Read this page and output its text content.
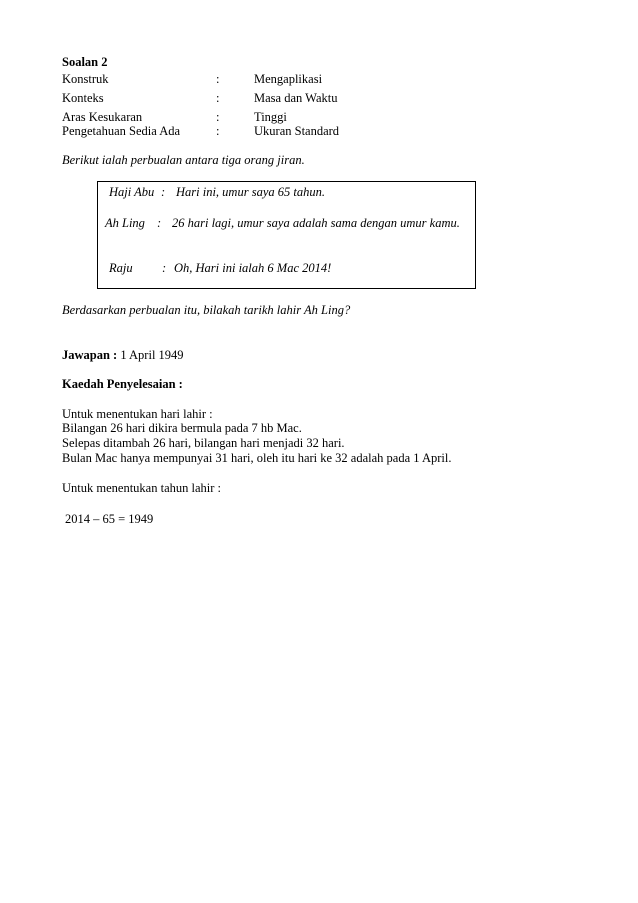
Soalan 2
Konstruk	:	Mengaplikasi
Konteks	:	Masa dan Waktu
Aras Kesukaran	:	Tinggi
Pengetahuan Sedia Ada	:	Ukuran Standard
Berikut ialah perbualan antara tiga orang jiran.
Haji Abu : Hari ini, umur saya 65 tahun.
Ah Ling : 26 hari lagi, umur saya adalah sama dengan umur kamu.
Raju : Oh, Hari ini ialah 6 Mac 2014!
Berdasarkan perbualan itu, bilakah tarikh lahir Ah Ling?
Jawapan : 1 April 1949
Kaedah Penyelesaian :
Untuk menentukan hari lahir :
Bilangan 26 hari dikira bermula pada 7 hb Mac.
Selepas ditambah 26 hari, bilangan hari menjadi 32 hari.
Bulan Mac hanya mempunyai 31 hari, oleh itu hari ke 32 adalah pada 1 April.
Untuk menentukan tahun lahir :
2014 – 65 = 1949
